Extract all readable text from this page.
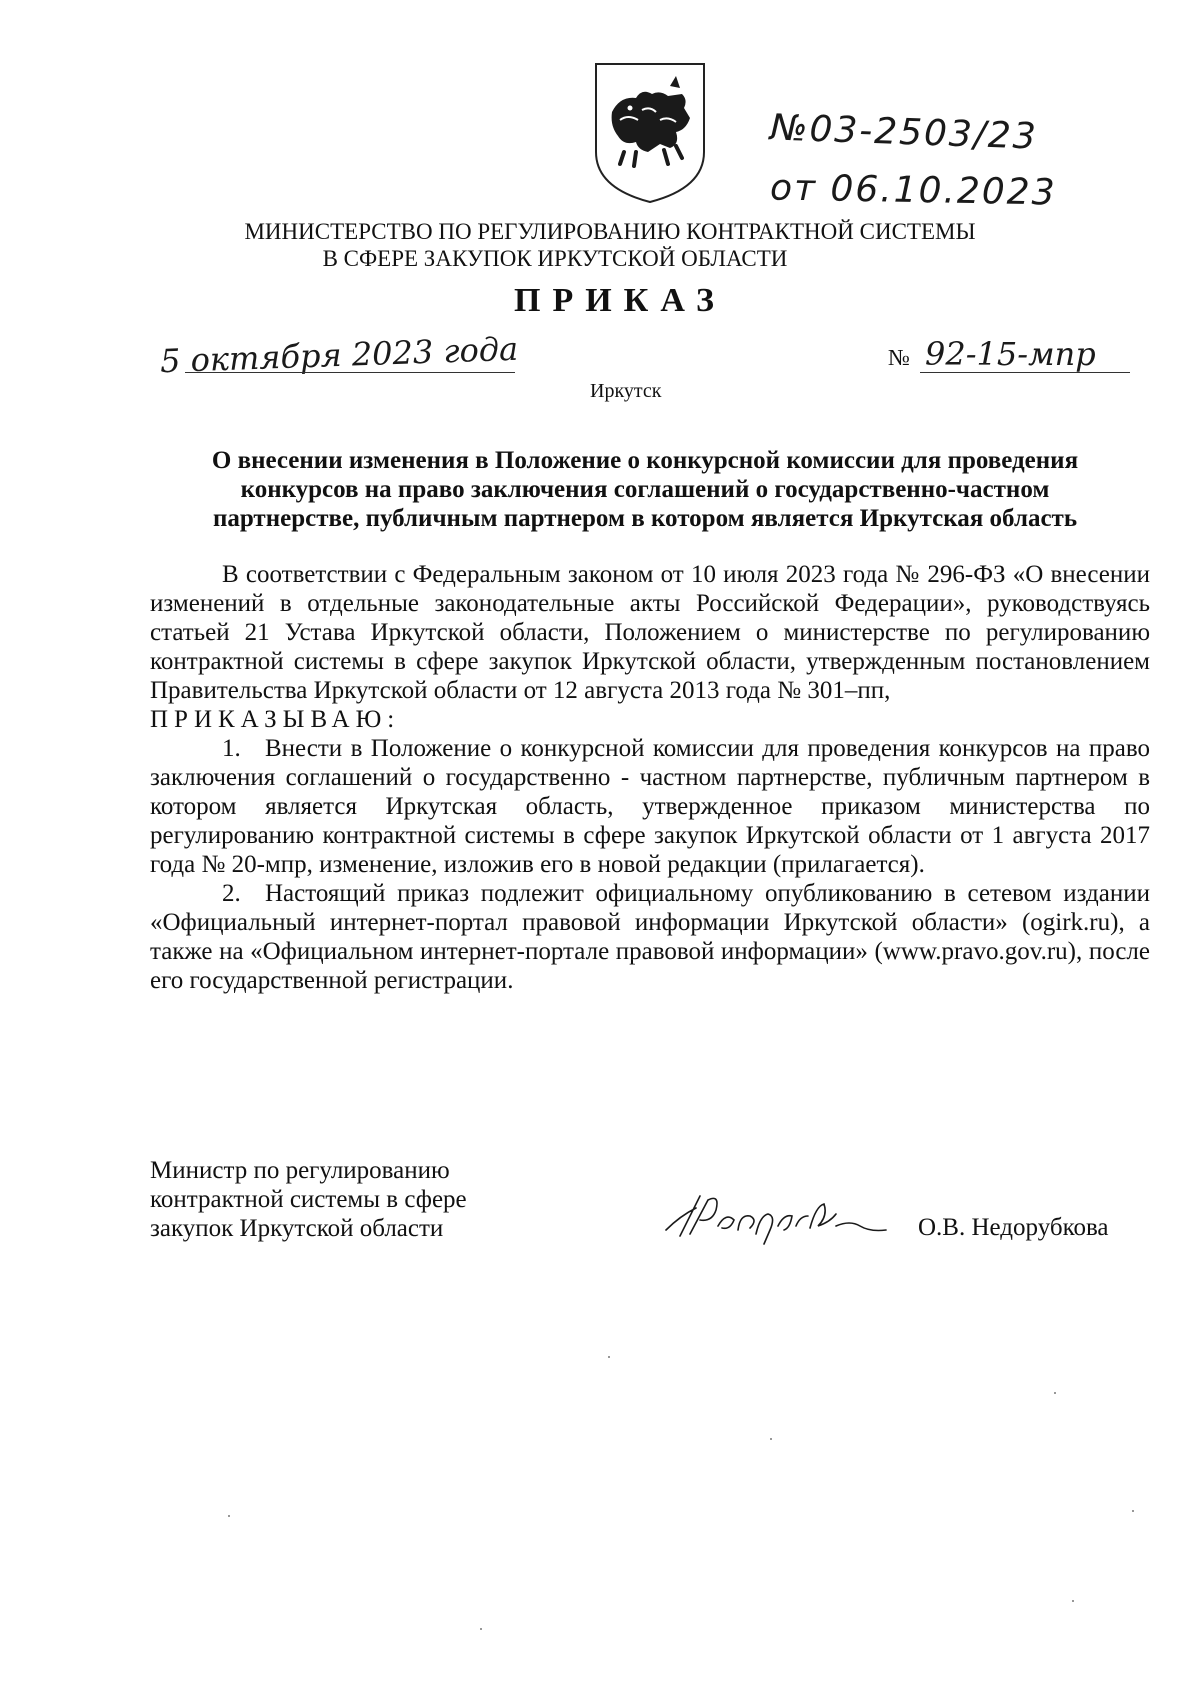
№03-2503/23
от 06.10.2023
МИНИСТЕРСТВО ПО РЕГУЛИРОВАНИЮ КОНТРАКТНОЙ СИСТЕМЫ
В СФЕРЕ ЗАКУПОК ИРКУТСКОЙ ОБЛАСТИ
ПРИКАЗ
5 октября 2023 года	№ 92-15-мпр
Иркутск
О внесении изменения в Положение о конкурсной комиссии для проведения
конкурсов на право заключения соглашений о государственно-частном
партнерстве, публичным партнером в котором является Иркутская область
В соответствии с Федеральным законом от 10 июля 2023 года № 296-ФЗ «О внесении изменений в отдельные законодательные акты Российской Федерации», руководствуясь статьей 21 Устава Иркутской области, Положением о министерстве по регулированию контрактной системы в сфере закупок Иркутской области, утвержденным постановлением Правительства Иркутской области от 12 августа 2013 года № 301–пп,
ПРИКАЗЫВАЮ:
1. Внести в Положение о конкурсной комиссии для проведения конкурсов на право заключения соглашений о государственно - частном партнерстве, публичным партнером в котором является Иркутская область, утвержденное приказом министерства по регулированию контрактной системы в сфере закупок Иркутской области от 1 августа 2017 года № 20-мпр, изменение, изложив его в новой редакции (прилагается).
2. Настоящий приказ подлежит официальному опубликованию в сетевом издании «Официальный интернет-портал правовой информации Иркутской области» (ogirk.ru), а также на «Официальном интернет-портале правовой информации» (www.pravo.gov.ru), после его государственной регистрации.
Министр по регулированию
контрактной системы в сфере
закупок Иркутской области	О.В. Недорубкова
